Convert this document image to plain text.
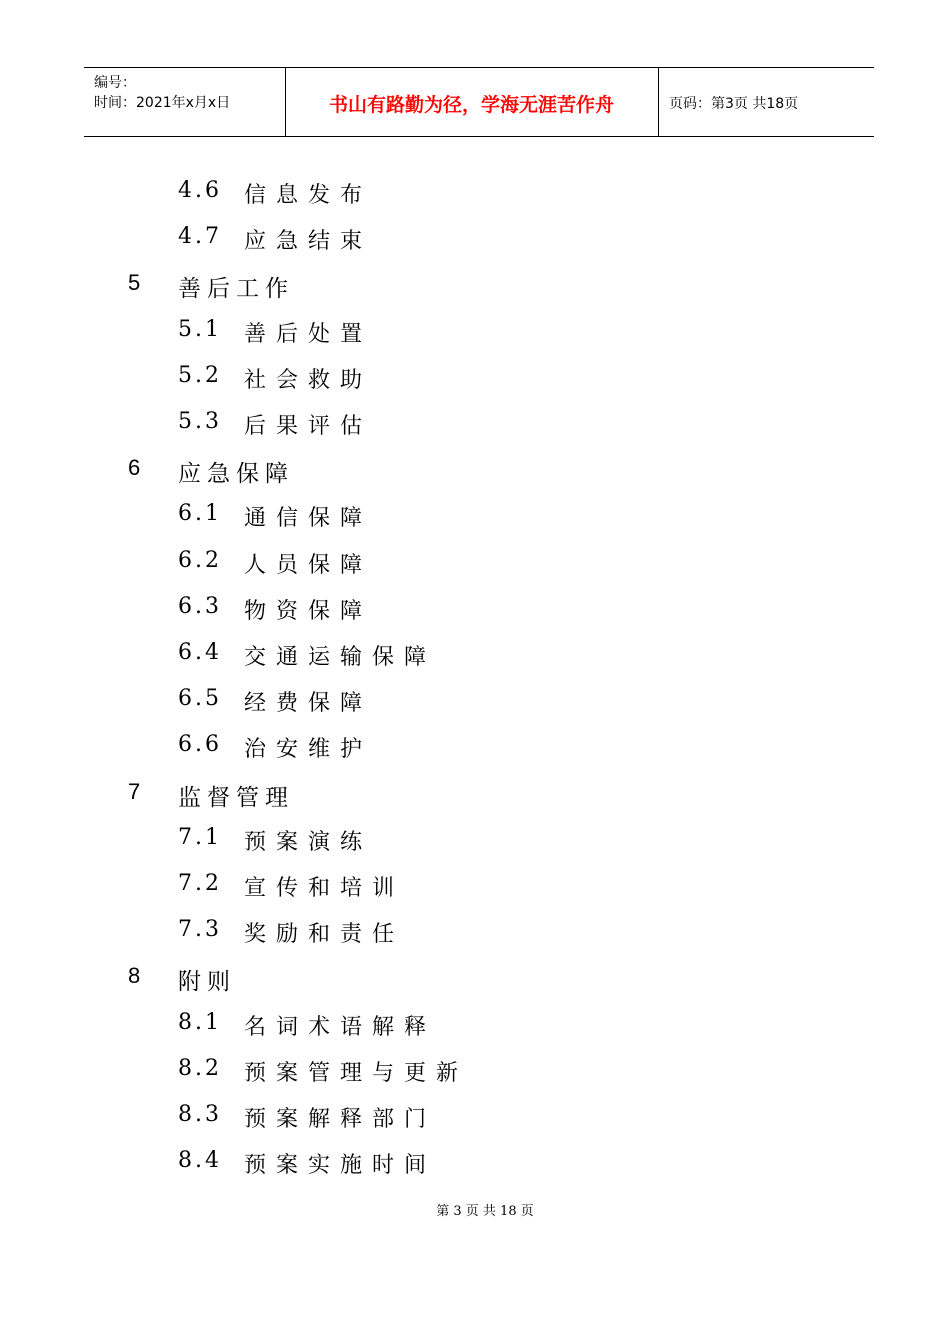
编号：
时间：2021年x月x日	书山有路勤为径，学海无涯苦作舟	页码：第3页 共18页
4.6 信息发布
4.7 应急结束
5 善后工作
5.1 善后处置
5.2 社会救助
5.3 后果评估
6 应急保障
6.1 通信保障
6.2 人员保障
6.3 物资保障
6.4 交通运输保障
6.5 经费保障
6.6 治安维护
7 监督管理
7.1 预案演练
7.2 宣传和培训
7.3 奖励和责任
8 附则
8.1 名词术语解释
8.2 预案管理与更新
8.3 预案解释部门
8.4 预案实施时间
第 3 页 共 18 页
